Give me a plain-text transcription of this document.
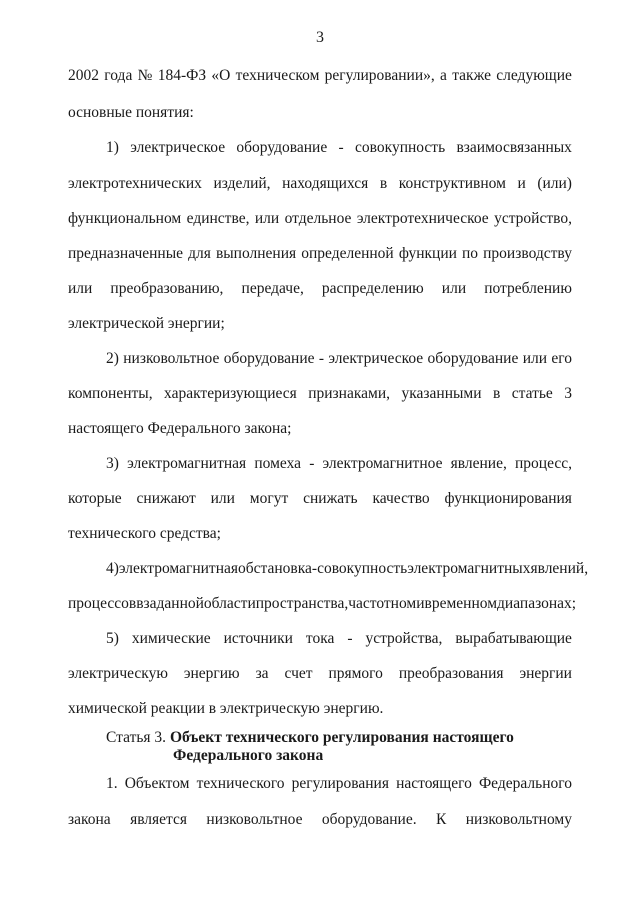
3
2002 года № 184-ФЗ «О техническом регулировании», а также следующие
основные понятия:
1) электрическое оборудование - совокупность взаимосвязанных
электротехнических изделий, находящихся в конструктивном и (или)
функциональном единстве, или отдельное электротехническое устройство,
предназначенные для выполнения определенной функции по производству
или преобразованию, передаче, распределению или потреблению
электрической энергии;
2) низковольтное оборудование - электрическое оборудование или его
компоненты, характеризующиеся признаками, указанными в статье 3
настоящего Федерального закона;
3) электромагнитная помеха - электромагнитное явление, процесс,
которые снижают или могут снижать качество функционирования
технического средства;
4) электромагнитная обстановка - совокупность электромагнитных явлений,
процессов в заданной области пространства, частотном и временном диапазонах;
5) химические источники тока - устройства, вырабатывающие
электрическую энергию за счет прямого преобразования энергии
химической реакции в электрическую энергию.
Статья 3. Объект технического регулирования настоящего
Федерального закона
1. Объектом технического регулирования настоящего Федерального
закона является низковольтное оборудование. К низковольтному
